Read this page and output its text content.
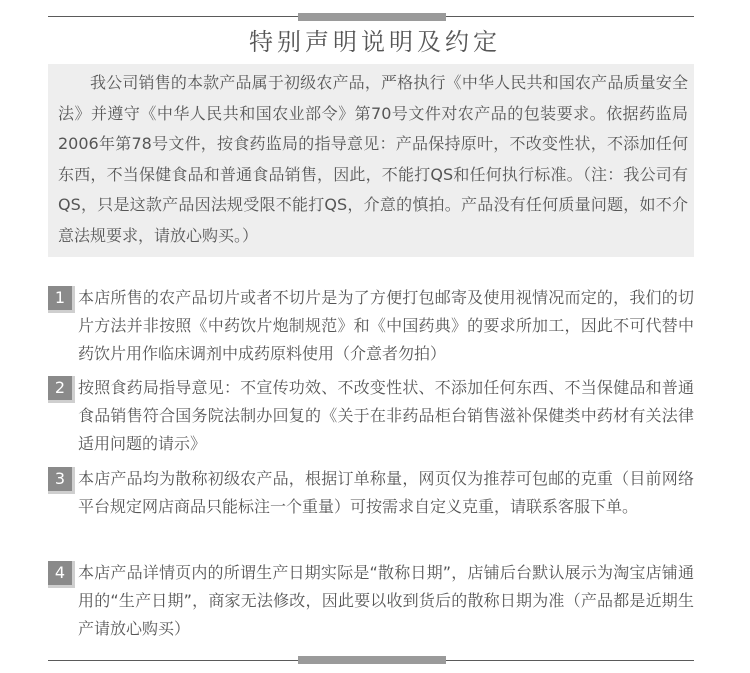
特别声明说明及约定

我公司销售的本款产品属于初级农产品，严格执行《中华人民共和国农产品质量安全法》并遵守《中华人民共和国农业部令》第70号文件对农产品的包装要求。依据药监局2006年第78号文件，按食药监局的指导意见：产品保持原叶，不改变性状，不添加任何东西，不当保健食品和普通食品销售，因此，不能打QS和任何执行标准。（注：我公司有QS，只是这款产品因法规受限不能打QS，介意的慎拍。产品没有任何质量问题，如不介意法规要求，请放心购买。）

1 本店所售的农产品切片或者不切片是为了方便打包邮寄及使用视情况而定的，我们的切片方法并非按照《中药饮片炮制规范》和《中国药典》的要求所加工，因此不可代替中药饮片用作临床调剂中成药原料使用（介意者勿拍）

2 按照食药局指导意见：不宣传功效、不改变性状、不添加任何东西、不当保健品和普通食品销售符合国务院法制办回复的《关于在非药品柜台销售滋补保健类中药材有关法律适用问题的请示》

3 本店产品均为散称初级农产品，根据订单称量，网页仅为推荐可包邮的克重（目前网络平台规定网店商品只能标注一个重量）可按需求自定义克重，请联系客服下单。

4 本店产品详情页内的所谓生产日期实际是“散称日期”，店铺后台默认展示为淘宝店铺通用的“生产日期”，商家无法修改，因此要以收到货后的散称日期为准（产品都是近期生产请放心购买）
